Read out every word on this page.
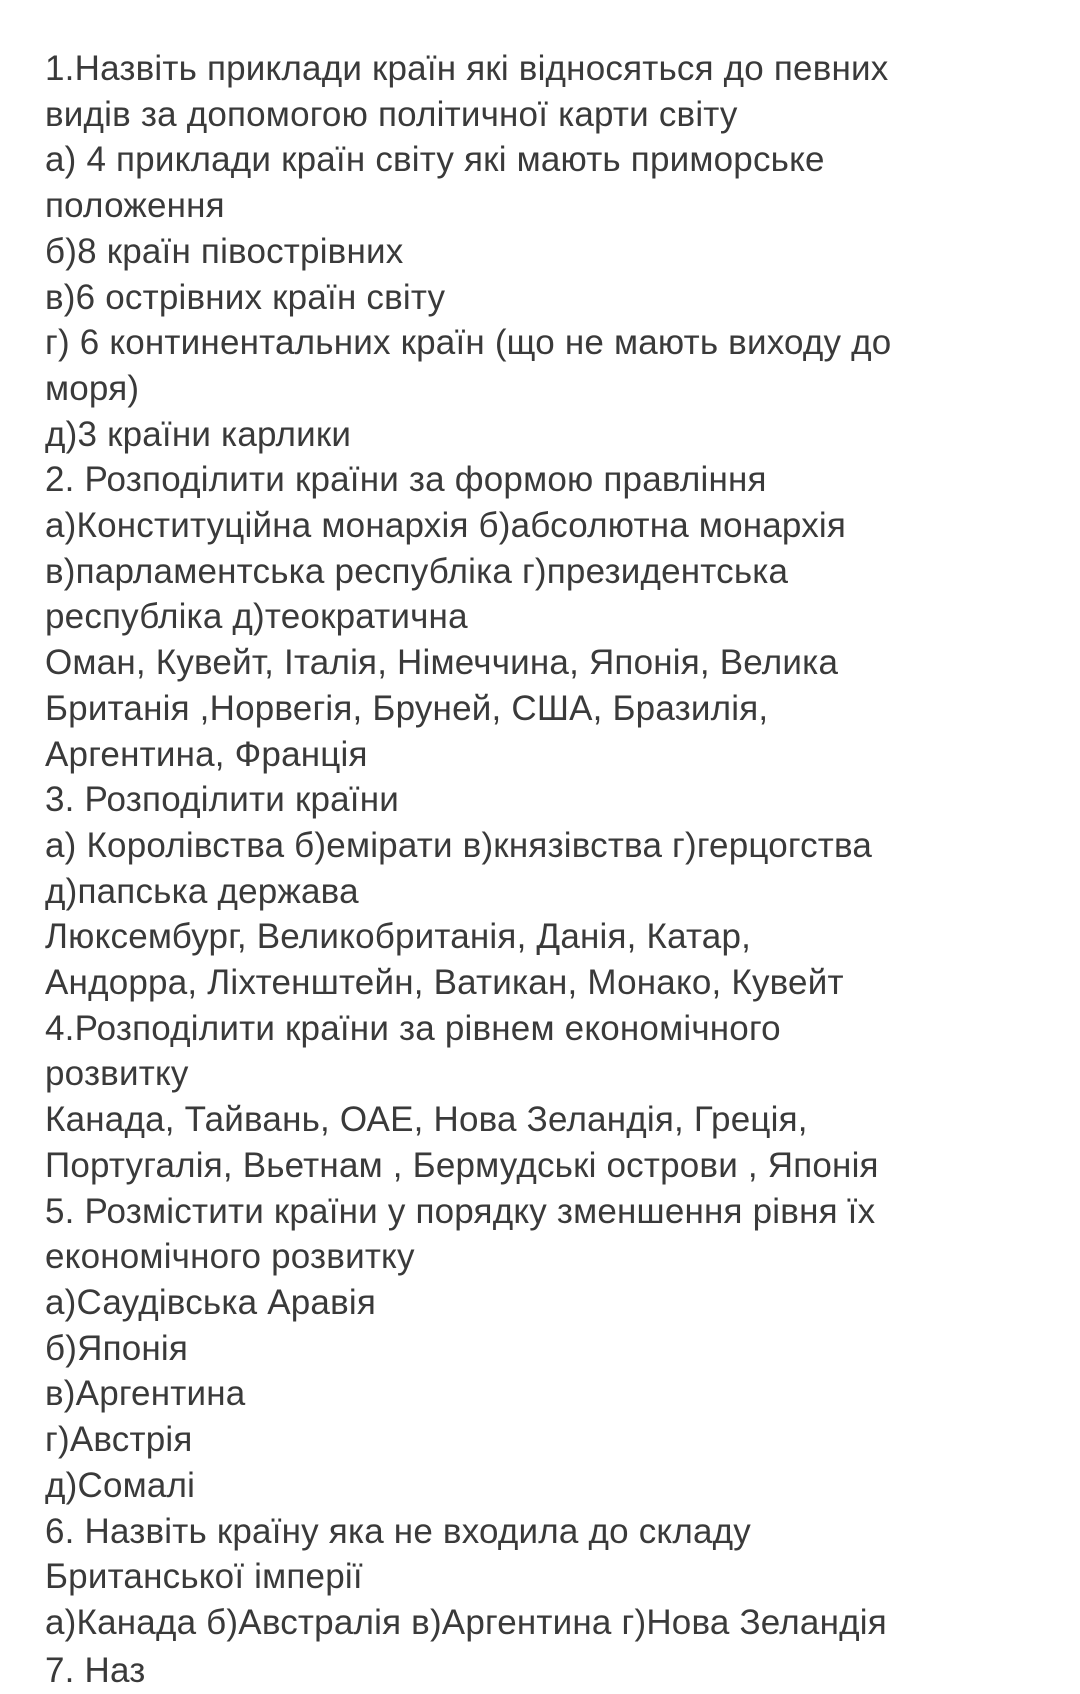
1.Назвіть приклади країн які відносяться до певних
видів за допомогою політичної карти світу
а) 4 приклади країн світу які мають приморське
положення
б)8 країн півострівних
в)6 острівних країн світу
г) 6 континентальних країн (що не мають виходу до
моря)
д)3 країни карлики
2. Розподілити країни за формою правління
а)Конституційна монархія б)абсолютна монархія
в)парламентська республіка г)президентська
республіка д)теократична
Оман, Кувейт, Італія, Німеччина, Японія, Велика
Британія ,Норвегія, Бруней, США, Бразилія,
Аргентина, Франція
3. Розподілити країни
а) Королівства б)емірати в)князівства г)герцогства
д)папська держава
Люксембург, Великобританія, Данія, Катар,
Андорра, Ліхтенштейн, Ватикан, Монако, Кувейт
4.Розподілити країни за рівнем економічного
розвитку
Канада, Тайвань, ОАЕ, Нова Зеландія, Греція,
Португалія, Вьетнам , Бермудські острови , Японія
5. Розмістити країни у порядку зменшення рівня їх
економічного розвитку
а)Саудівська Аравія
б)Японія
в)Аргентина
г)Австрія
д)Сомалі
6. Назвіть країну яка не входила до складу
Британської імперії
а)Канада б)Австралія в)Аргентина г)Нова Зеландія
7. Наз
